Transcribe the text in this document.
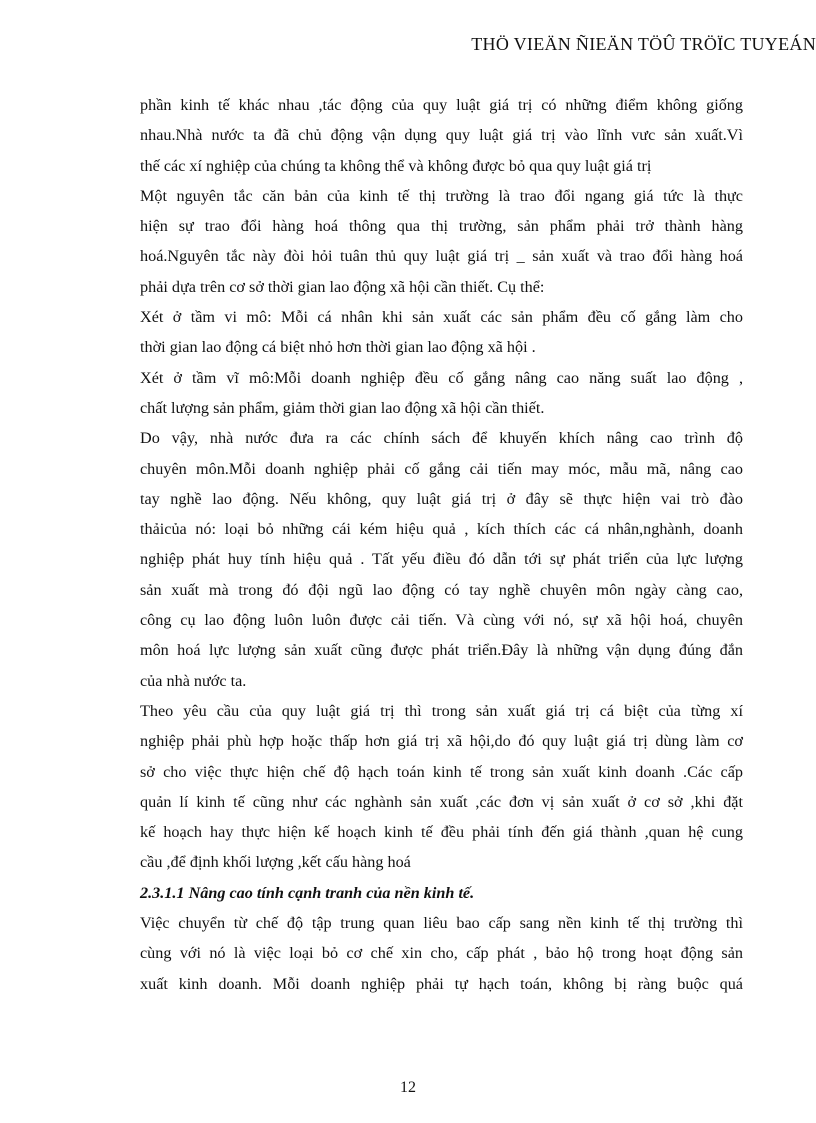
THÖ VIEÄN ÑIEÄN TÖÛ TRÖÏC TUYEÁN

phần kinh tế khác nhau ,tác động của quy luật giá trị có những điểm không giống
nhau.Nhà nước ta đã chủ động vận dụng quy luật giá trị vào lĩnh vưc sản xuất.Vì
thế các xí nghiệp của chúng ta không thể và không được bỏ qua quy luật giá trị

Một nguyên tắc căn bản của kinh tế thị trường là trao đổi ngang giá tức là thực
hiện sự trao đổi hàng hoá thông qua thị trường, sản phẩm phải trở thành hàng
hoá.Nguyên tắc này đòi hỏi tuân thủ quy luật giá trị _ sản xuất và trao đổi hàng hoá
phải dựa trên cơ sở thời gian lao động xã hội cần thiết. Cụ thể:

Xét ở tầm vi mô: Mỗi cá nhân khi sản xuất các sản phẩm đều cố gắng làm cho
thời gian lao động cá biệt nhỏ hơn thời gian lao động xã hội .

Xét ở tầm vĩ mô:Mỗi doanh nghiệp đều cố gắng nâng cao năng suất lao động ,
chất lượng sản phẩm, giảm thời gian lao động xã hội cần thiết.

Do vậy, nhà nước đưa ra các chính sách để khuyến khích nâng cao trình độ
chuyên môn.Mỗi doanh nghiệp phải cố gắng cải tiến may móc, mẫu mã, nâng cao
tay nghề lao động. Nếu không, quy luật giá trị ở đây sẽ thực hiện vai trò đào
thảicủa nó: loại bỏ những cái kém hiệu quả , kích thích các cá nhân,nghành, doanh
nghiệp phát huy tính hiệu quả . Tất yếu điều đó dẫn tới sự phát triển của lực lượng
sản xuất mà trong đó đội ngũ lao động có tay nghề chuyên môn ngày càng cao,
công cụ lao động luôn luôn được cải tiến. Và cùng với nó, sự xã hội hoá, chuyên
môn hoá lực lượng sản xuất cũng được phát triển.Đây là những vận dụng đúng đắn
của nhà nước ta.

Theo yêu cầu của quy luật giá trị thì trong sản xuất giá trị cá biệt của từng xí
nghiệp phải phù hợp hoặc thấp hơn giá trị xã hội,do đó quy luật giá trị dùng làm cơ
sở cho việc thực hiện chế độ hạch toán kinh tế trong sản xuất kinh doanh .Các cấp
quản lí kinh tế cũng như các nghành sản xuất ,các đơn vị sản xuất ở cơ sở ,khi đặt
kế hoạch hay thực hiện kế hoạch kinh tế đều phải tính đến giá thành ,quan hệ cung
cầu ,để định khối lượng ,kết cấu hàng hoá

2.3.1.1 Nâng cao tính cạnh tranh của nền kinh tế.

Việc chuyển từ chế độ tập trung quan liêu bao cấp sang nền kinh tế thị trường thì
cùng với nó là việc loại bỏ cơ chế xin cho, cấp phát , bảo hộ trong hoạt động sản
xuất kinh doanh. Mỗi doanh nghiệp phải tự hạch toán, không bị ràng buộc quá

12
